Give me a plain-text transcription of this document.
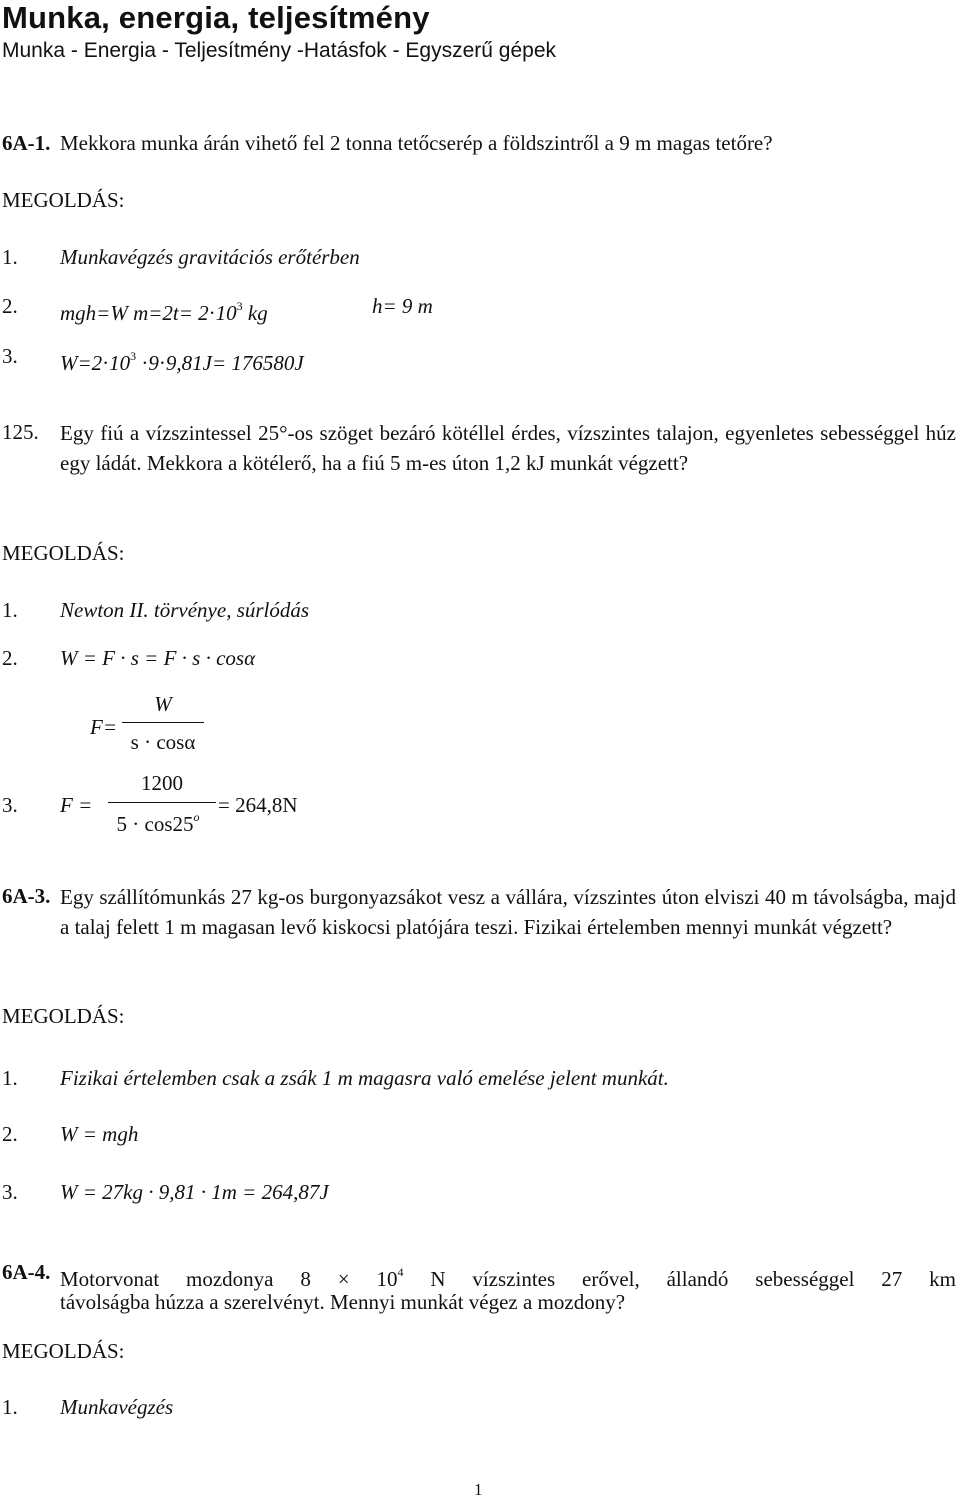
Munka, energia, teljesítmény
Munka - Energia - Teljesítmény -Hatásfok - Egyszerű gépek
6A-1. Mekkora munka árán vihető fel 2 tonna tetőcserép a földszintről a 9 m magas tetőre?
MEGOLDÁS:
1. Munkavégzés gravitációs erőtérben
2. mgh=W $m=2t= 2\cdot 10^3$ kg	h= 9 m
3. $W=2\cdot 10^3 \cdot 9\cdot 9,81J= 176580J$
125. Egy fiú a vízszintessel 25°-os szöget bezáró kötéllel érdes, vízszintes talajon, egyenletes sebességgel húz egy ládát. Mekkora a kötélerő, ha a fiú 5 m-es úton 1,2 kJ munkát végzett?
MEGOLDÁS:
1. Newton II. törvénye, súrlódás
2. W = F · s = F · s · cosα
F=
W
s · cosα
3. F =
1200
$5 \cdot \cos 25^o = 264,8N$
6A-3. Egy szállítómunkás 27 kg-os burgonyazsákot vesz a vállára, vízszintes úton elviszi 40 m távolságba, majd a talaj felett 1 m magasan levő kiskocsi platójára teszi. Fizikai értelemben mennyi munkát végzett?
MEGOLDÁS:
1. Fizikai értelemben csak a zsák 1 m magasra való emelése jelent munkát.
2. W = mgh
3. W = 27kg · 9,81 · 1m = 264,87J
6A-4. Motorvonat mozdonya $8 \times 10^4$ N vízszintes erővel, állandó sebességgel 27 km
távolságba húzza a szerelvényt. Mennyi munkát végez a mozdony?
MEGOLDÁS:
1. Munkavégzés
1
